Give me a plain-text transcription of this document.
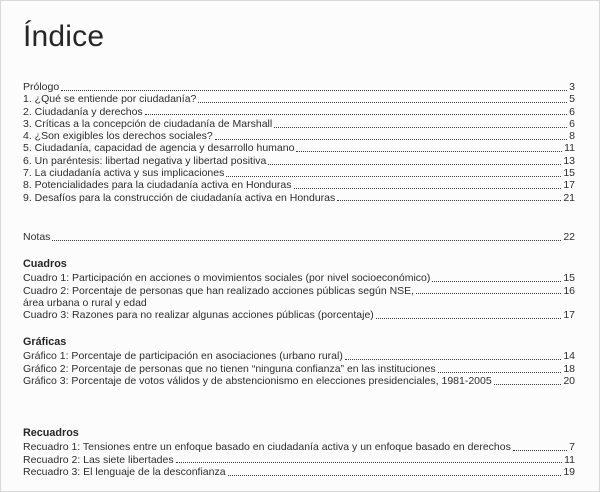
Índice
Prólogo	3
1. ¿Qué se entiende por ciudadanía?	5
2. Ciudadanía y derechos	6
3. Críticas a la concepción de ciudadanía de Marshall	6
4. ¿Son exigibles los derechos sociales?	8
5. Ciudadanía, capacidad de agencia y desarrollo humano	11
6. Un paréntesis: libertad negativa y libertad positiva	13
7. La ciudadanía activa y sus implicaciones	15
8. Potencialidades para la ciudadanía activa en Honduras	17
9. Desafíos para la construcción de ciudadanía activa en Honduras	21
Notas	22
Cuadros
Cuadro 1: Participación en acciones o movimientos sociales (por nivel socioeconómico)	15
Cuadro 2: Porcentaje de personas que han realizado acciones públicas según NSE,	16
área urbana o rural y edad
Cuadro 3: Razones para no realizar algunas acciones públicas (porcentaje)	17
Gráficas
Gráfico 1: Porcentaje de participación en asociaciones (urbano rural)	14
Gráfico 2: Porcentaje de personas que no tienen “ninguna confianza” en las instituciones	18
Gráfico 3: Porcentaje de votos válidos y de abstencionismo en elecciones presidenciales, 1981-2005	20
Recuadros
Recuadro 1: Tensiones entre un enfoque basado en ciudadanía activa y un enfoque basado en derechos	7
Recuadro 2: Las siete libertades	11
Recuadro 3: El lenguaje de la desconfianza	19
